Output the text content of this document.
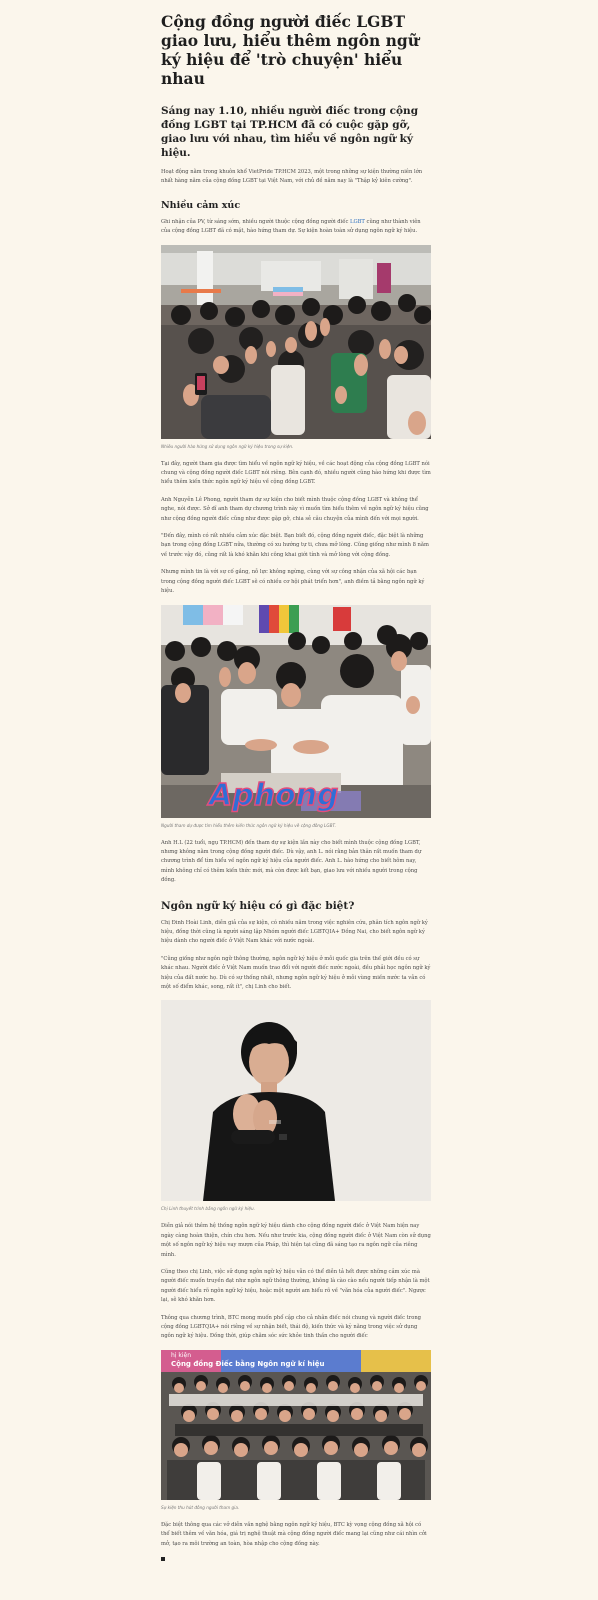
Cộng đồng người điếc LGBT giao lưu, hiểu thêm ngôn ngữ ký hiệu để 'trò chuyện' hiểu nhau
Sáng nay 1.10, nhiều người điếc trong cộng đồng LGBT tại TP.HCM đã có cuộc gặp gỡ, giao lưu với nhau, tìm hiểu về ngôn ngữ ký hiệu.

Hoạt động nằm trong khuôn khổ VietPride TP.HCM 2023, một trong những sự kiện thường niên lớn nhất hàng năm của cộng đồng LGBT tại Việt Nam, với chủ đề năm nay là "Thập kỷ kiên cường".

Nhiều cảm xúc

Ghi nhận của PV, từ sáng sớm, nhiều người thuộc cộng đồng người điếc LGBT cũng như thành viên của cộng đồng LGBT đã có mặt, hào hứng tham dự. Sự kiện hoàn toàn sử dụng ngôn ngữ ký hiệu.

Nhiều người hào hứng sử dụng ngôn ngữ ký hiệu trong sự kiện.

Tại đây, người tham gia được tìm hiểu về ngôn ngữ ký hiệu, về các hoạt động của cộng đồng LGBT nói chung và cộng đồng người điếc LGBT nói riêng. Bên cạnh đó, nhiều người cũng hào hứng khi được tìm hiểu thêm kiến thức ngôn ngữ ký hiệu về cộng đồng LGBT.

Anh Nguyễn Lê Phong, người tham dự sự kiện cho biết mình thuộc cộng đồng LGBT và không thể nghe, nói được. Sở dĩ anh tham dự chương trình này vì muốn tìm hiểu thêm về ngôn ngữ ký hiệu cũng như cộng đồng người điếc cũng như được gặp gỡ, chia sẻ câu chuyện của mình đến với mọi người.

"Đến đây, mình có rất nhiều cảm xúc đặc biệt. Bạn biết đó, cộng đồng người điếc, đặc biệt là những bạn trong cộng đồng LGBT nữa, thường có xu hướng tự ti, chưa mở lòng. Cũng giống như mình 8 năm về trước vậy đó, cũng rất là khó khăn khi công khai giới tính và mở lòng với cộng đồng.

Nhưng mình tin là với sự cố gắng, nỗ lực không ngừng, cùng với sự công nhận của xã hội các bạn trong cộng đồng người điếc LGBT sẽ có nhiều cơ hội phát triển hơn", anh điềm tả bằng ngôn ngữ ký hiệu.

Aphong
Người tham dự được tìm hiểu thêm kiến thức ngôn ngữ ký hiệu về cộng đồng LGBT.

Anh H.L (22 tuổi, ngụ TP.HCM) đến tham dự sự kiện lần này cho biết mình thuộc cộng đồng LGBT, nhưng không nằm trong cộng đồng người điếc. Dù vậy, anh L. nói rằng bản thân rất muốn tham dự chương trình để tìm hiểu về ngôn ngữ ký hiệu của người điếc. Anh L. hào hứng cho biết hôm nay, mình không chỉ có thêm kiến thức mới, mà còn được kết bạn, giao lưu với nhiều người trong cộng đồng.

Ngôn ngữ ký hiệu có gì đặc biệt?

Chị Đinh Hoài Linh, diễn giả của sự kiện, có nhiều năm trong việc nghiên cứu, phân tích ngôn ngữ ký hiệu, đồng thời cũng là người sáng lập Nhóm người điếc LGBTQIA+ Đồng Nai, cho biết ngôn ngữ ký hiệu dành cho người điếc ở Việt Nam khác với nước ngoài.

"Cũng giống như ngôn ngữ thông thường, ngôn ngữ ký hiệu ở mỗi quốc gia trên thế giới đều có sự khác nhau. Người điếc ở Việt Nam muốn trao đổi với người điếc nước ngoài, đều phải học ngôn ngữ ký hiệu của đất nước họ. Dù có sự thống nhất, nhưng ngôn ngữ ký hiệu ở mỗi vùng miền nước ta vẫn có một số điểm khác, song, rất ít", chị Linh cho biết.

Chị Linh thuyết trình bằng ngôn ngữ ký hiệu.

Diễn giả nói thêm hệ thống ngôn ngữ ký hiệu dành cho cộng đồng người điếc ở Việt Nam hiện nay ngày càng hoàn thiện, chín chu hơn. Nếu như trước kia, cộng đồng người điếc ở Việt Nam còn sử dụng một số ngôn ngữ ký hiệu vay mượn của Pháp, thì hiện tại cũng đã sáng tạo ra ngôn ngữ của riêng mình.

Cũng theo chị Linh, việc sử dụng ngôn ngữ ký hiệu vẫn có thể diễn tả hết được những cảm xúc mà người điếc muốn truyền đạt như ngôn ngữ thông thường, không là cào cào nếu người tiếp nhận là một người điếc hiểu rõ ngôn ngữ ký hiệu, hoặc một người am hiểu rõ về "văn hóa của người điếc". Ngược lại, sẽ khó khăn hơn.

Thông qua chương trình, BTC mong muốn phổ cập cho cả nhân điếc nói chung và người điếc trong cộng đồng LGBTQIA+ nói riêng về sự nhận biết, thái độ, kiến thức và kỹ năng trong việc sử dụng ngôn ngữ ký hiệu. Đồng thời, giúp chăm sóc sức khỏe tinh thần cho người điếc

hị kiện
Cộng đồng Điếc bằng Ngôn ngữ kí hiệu
Sự kiện thu hút đông người tham gia.

Đặc biệt thông qua các vở diễn văn nghệ bằng ngôn ngữ ký hiệu, BTC kỳ vọng cộng đồng xã hội có thể biết thêm về văn hóa, giá trị nghệ thuật mà cộng đồng người điếc mang lại cũng như cái nhìn cởi mở, tạo ra môi trường an toàn, hòa nhập cho cộng đồng này.
